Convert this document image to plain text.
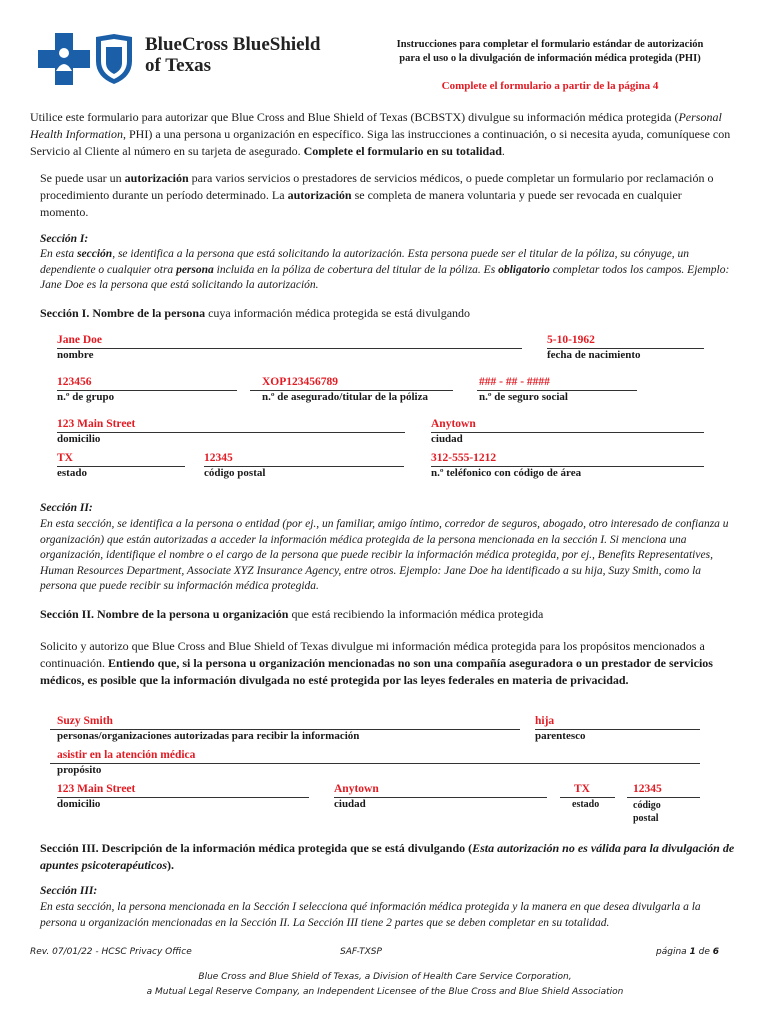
BlueCross BlueShield
of Texas
Instrucciones para completar el formulario estándar de autorización
para el uso o la divulgación de información médica protegida (PHI)
Complete el formulario a partir de la página 4
Utilice este formulario para autorizar que Blue Cross and Blue Shield of Texas (BCBSTX) divulgue su información médica protegida (Personal Health Information, PHI) a una persona u organización en específico. Siga las instrucciones a continuación, o si necesita ayuda, comuníquese con Servicio al Cliente al número en su tarjeta de asegurado. Complete el formulario en su totalidad.
Se puede usar un autorización para varios servicios o prestadores de servicios médicos, o puede completar un formulario por reclamación o procedimiento durante un período determinado. La autorización se completa de manera voluntaria y puede ser revocada en cualquier momento.
Sección I:
En esta sección, se identifica a la persona que está solicitando la autorización. Esta persona puede ser el titular de la póliza, su cónyuge, un dependiente o cualquier otra persona incluida en la póliza de cobertura del titular de la póliza. Es obligatorio completar todos los campos. Ejemplo: Jane Doe es la persona que está solicitando la autorización.
Sección I. Nombre de la persona cuya información médica protegida se está divulgando
Jane Doe
nombre
5-10-1962
fecha de nacimiento
123456
n.º de grupo
XOP123456789
n.º de asegurado/titular de la póliza
### - ## - ####
n.º de seguro social
123 Main Street
domicilio
Anytown
ciudad
TX
estado
12345
código postal
312-555-1212
n.º teléfonico con código de área
Sección II:
En esta sección, se identifica a la persona o entidad (por ej., un familiar, amigo íntimo, corredor de seguros, abogado, otro interesado de confianza u organización) que están autorizadas a acceder la información médica protegida de la persona mencionada en la sección I. Si menciona una organización, identifique el nombre o el cargo de la persona que puede recibir la información médica protegida, por ej., Benefits Representatives, Human Resources Department, Associate XYZ Insurance Agency, entre otros. Ejemplo: Jane Doe ha identificado a su hija, Suzy Smith, como la persona que puede recibir su información médica protegida.
Sección II. Nombre de la persona u organización que está recibiendo la información médica protegida
Solicito y autorizo que Blue Cross and Blue Shield of Texas divulgue mi información médica protegida para los propósitos mencionados a continuación. Entiendo que, si la persona u organización mencionadas no son una compañía aseguradora o un prestador de servicios médicos, es posible que la información divulgada no esté protegida por las leyes federales en materia de privacidad.
Suzy Smith
personas/organizaciones autorizadas para recibir la información
hija
parentesco
asistir en la atención médica
propósito
123 Main Street
domicilio
Anytown
ciudad
TX
estado
12345
código postal
Sección III. Descripción de la información médica protegida que se está divulgando (Esta autorización no es válida para la divulgación de apuntes psicoterapéuticos).
Sección III:
En esta sección, la persona mencionada en la Sección I selecciona qué información médica protegida y la manera en que desea divulgarla a la persona u organización mencionadas en la Sección II. La Sección III tiene 2 partes que se deben completar en su totalidad.
Rev. 07/01/22 - HCSC Privacy Office	SAF-TXSP	página 1 de 6
Blue Cross and Blue Shield of Texas, a Division of Health Care Service Corporation,
a Mutual Legal Reserve Company, an Independent Licensee of the Blue Cross and Blue Shield Association
